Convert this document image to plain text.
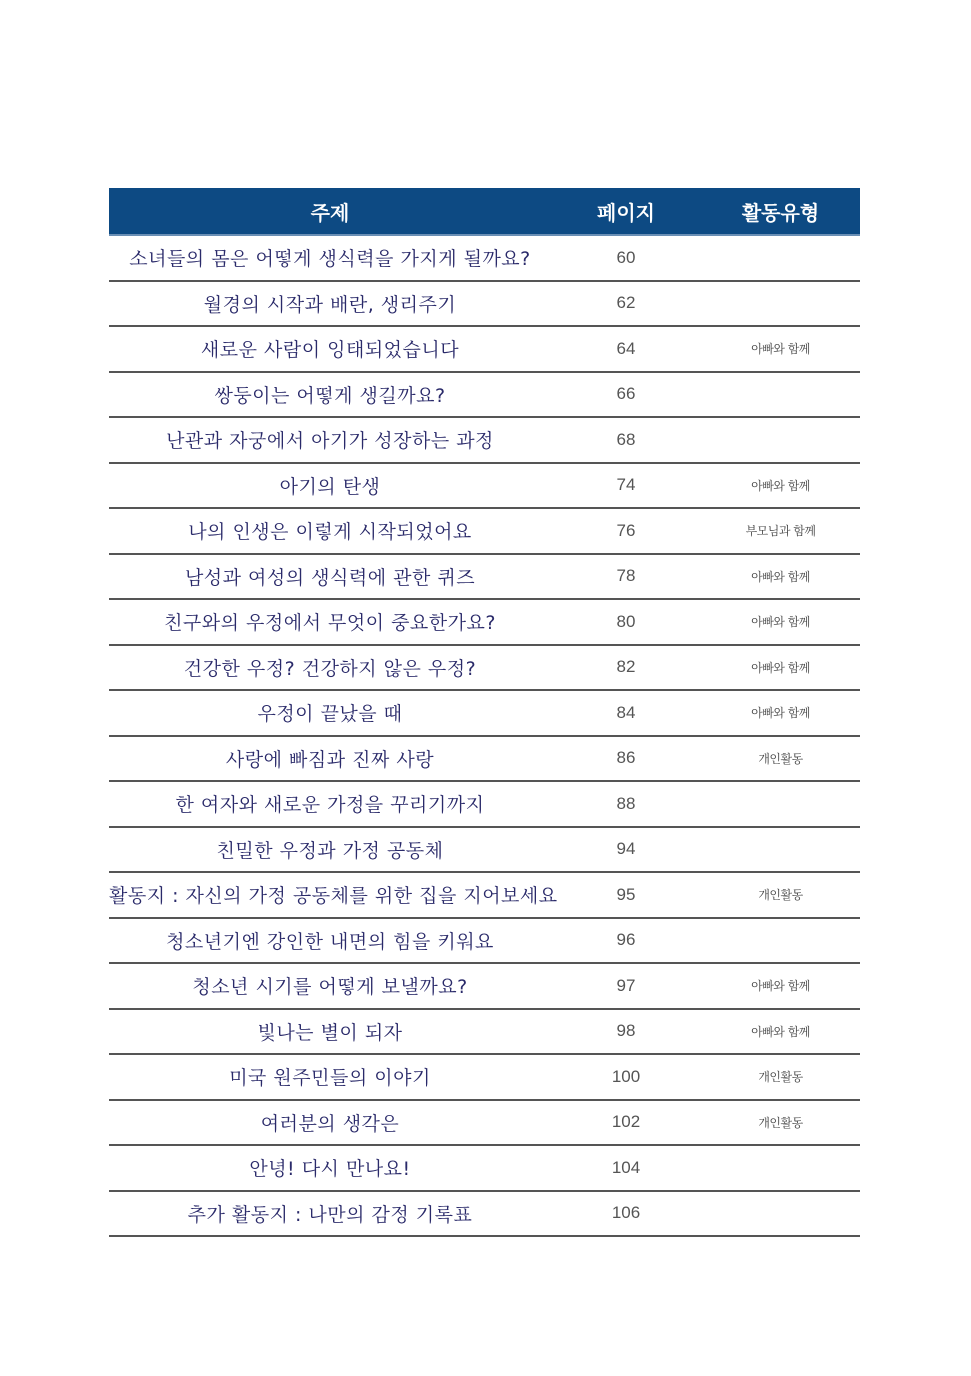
주제	페이지	활동유형
소녀들의 몸은 어떻게 생식력을 가지게 될까요?	60
월경의 시작과 배란, 생리주기	62
새로운 사람이 잉태되었습니다	64	아빠와 함께
쌍둥이는 어떻게 생길까요?	66
난관과 자궁에서 아기가 성장하는 과정	68
아기의 탄생	74	아빠와 함께
나의 인생은 이렇게 시작되었어요	76	부모님과 함께
남성과 여성의 생식력에 관한 퀴즈	78	아빠와 함께
친구와의 우정에서 무엇이 중요한가요?	80	아빠와 함께
건강한 우정? 건강하지 않은 우정?	82	아빠와 함께
우정이 끝났을 때	84	아빠와 함께
사랑에 빠짐과 진짜 사랑	86	개인활동
한 여자와 새로운 가정을 꾸리기까지	88
친밀한 우정과 가정 공동체	94
활동지 : 자신의 가정 공동체를 위한 집을 지어보세요	95	개인활동
청소년기엔 강인한 내면의 힘을 키워요	96
청소년 시기를 어떻게 보낼까요?	97	아빠와 함께
빛나는 별이 되자	98	아빠와 함께
미국 원주민들의 이야기	100	개인활동
여러분의 생각은	102	개인활동
안녕! 다시 만나요!	104
추가 활동지 : 나만의 감정 기록표	106
